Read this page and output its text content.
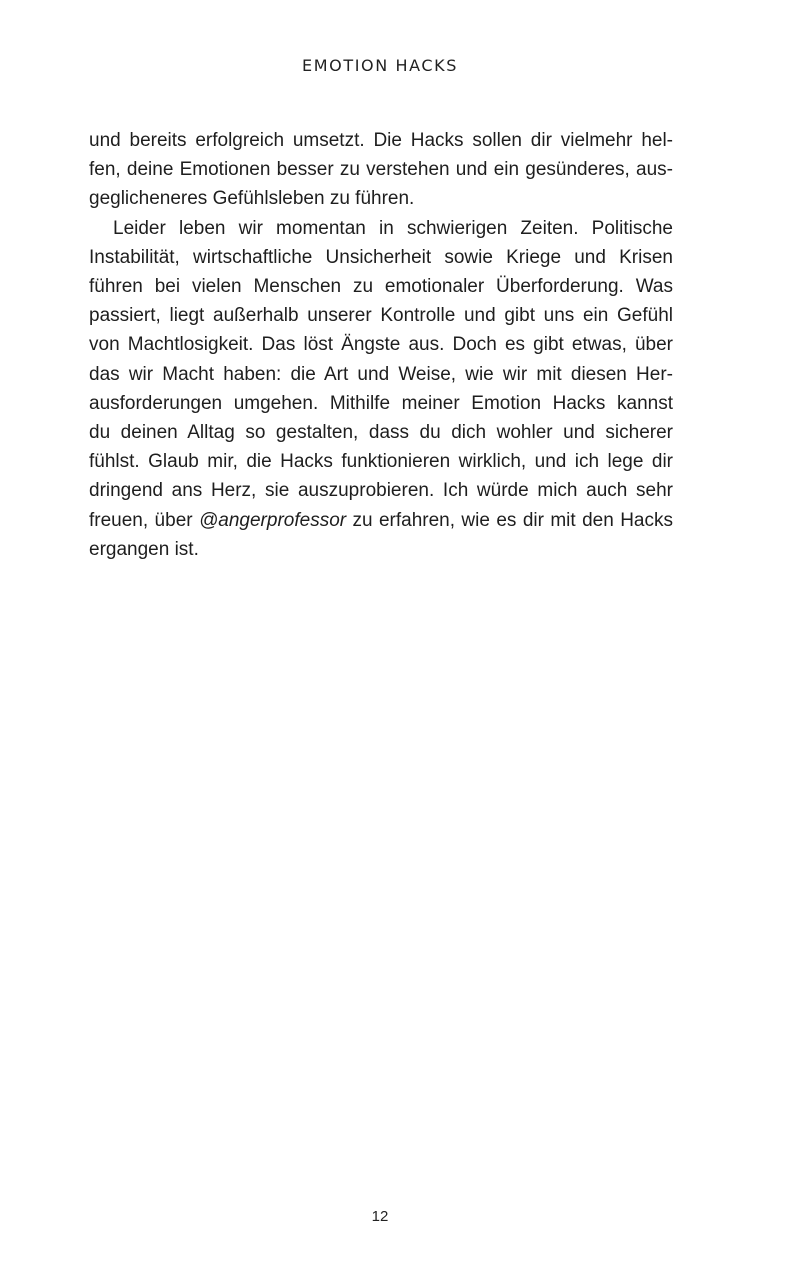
EMOTION HACKS
und bereits erfolgreich umsetzt. Die Hacks sollen dir vielmehr hel-
fen, deine Emotionen besser zu verstehen und ein gesünderes, aus-
geglicheneres Gefühlsleben zu führen.
Leider leben wir momentan in schwierigen Zeiten. Politische
Instabilität, wirtschaftliche Unsicherheit sowie Kriege und Krisen
führen bei vielen Menschen zu emotionaler Überforderung. Was
passiert, liegt außerhalb unserer Kontrolle und gibt uns ein Gefühl
von Machtlosigkeit. Das löst Ängste aus. Doch es gibt etwas, über
das wir Macht haben: die Art und Weise, wie wir mit diesen Her-
ausforderungen umgehen. Mithilfe meiner Emotion Hacks kannst
du deinen Alltag so gestalten, dass du dich wohler und sicherer
fühlst. Glaub mir, die Hacks funktionieren wirklich, und ich lege dir
dringend ans Herz, sie auszuprobieren. Ich würde mich auch sehr
freuen, über @angerprofessor zu erfahren, wie es dir mit den Hacks
ergangen ist.
12
